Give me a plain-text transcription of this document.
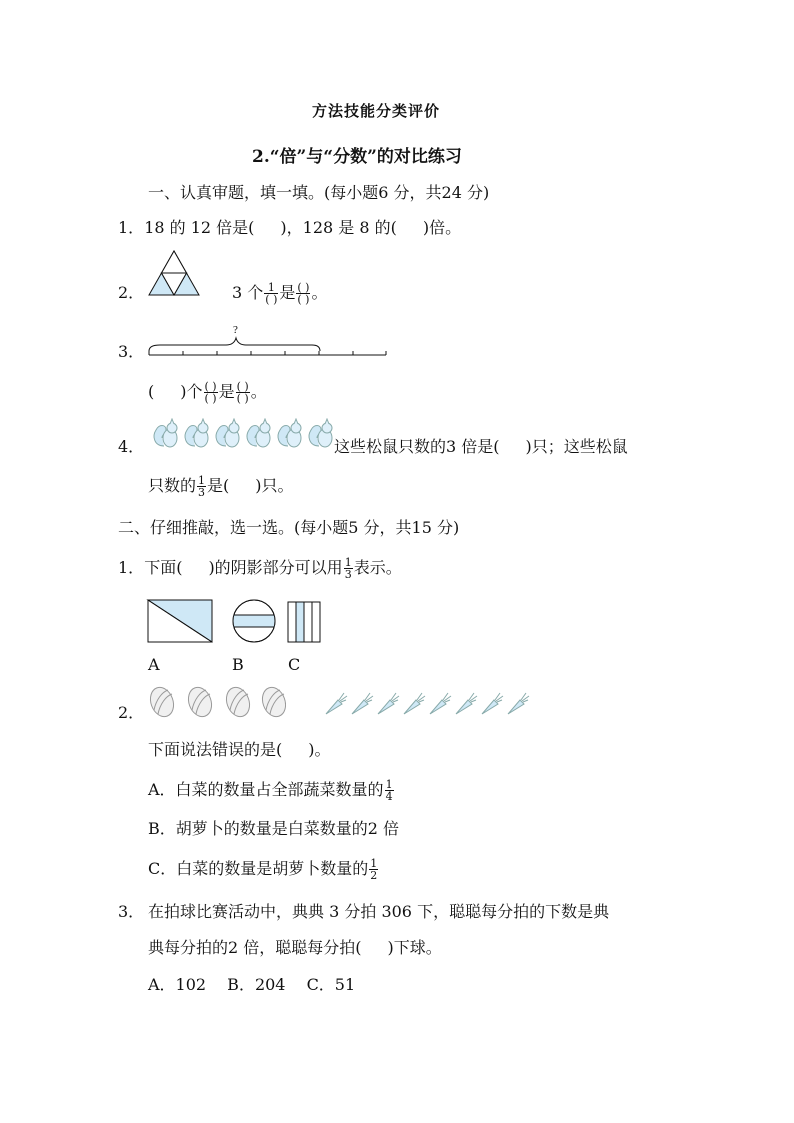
方法技能分类评价
2.“倍”与“分数”的对比练习
一、认真审题，填一填。(每小题6 分，共24 分)
1．18 的 12 倍是( )，128 是 8 的( )倍。
2．	3 个 $\frac{1}{( )}$ 是 $\frac{( )}{( )}$ 。
3．
?
( )个 $\frac{( )}{( )}$ 是 $\frac{( )}{( )}$ 。
4．	这些松鼠只数的3 倍是( )只；这些松鼠
只数的 $\frac{1}{3}$ 是( )只。
二、仔细推敲，选一选。(每小题5 分，共15 分)
1．下面( )的阴影部分可以用 $\frac{1}{3}$ 表示。
A	B	C
2．
下面说法错误的是( )。
A．白菜的数量占全部蔬菜数量的 $\frac{1}{4}$
B．胡萝卜的数量是白菜数量的2 倍
C．白菜的数量是胡萝卜数量的 $\frac{1}{2}$
3． 在拍球比赛活动中，典典 3 分拍 306 下，聪聪每分拍的下数是典
典每分拍的2 倍，聪聪每分拍( )下球。
A．102　 B．204　 C．51
